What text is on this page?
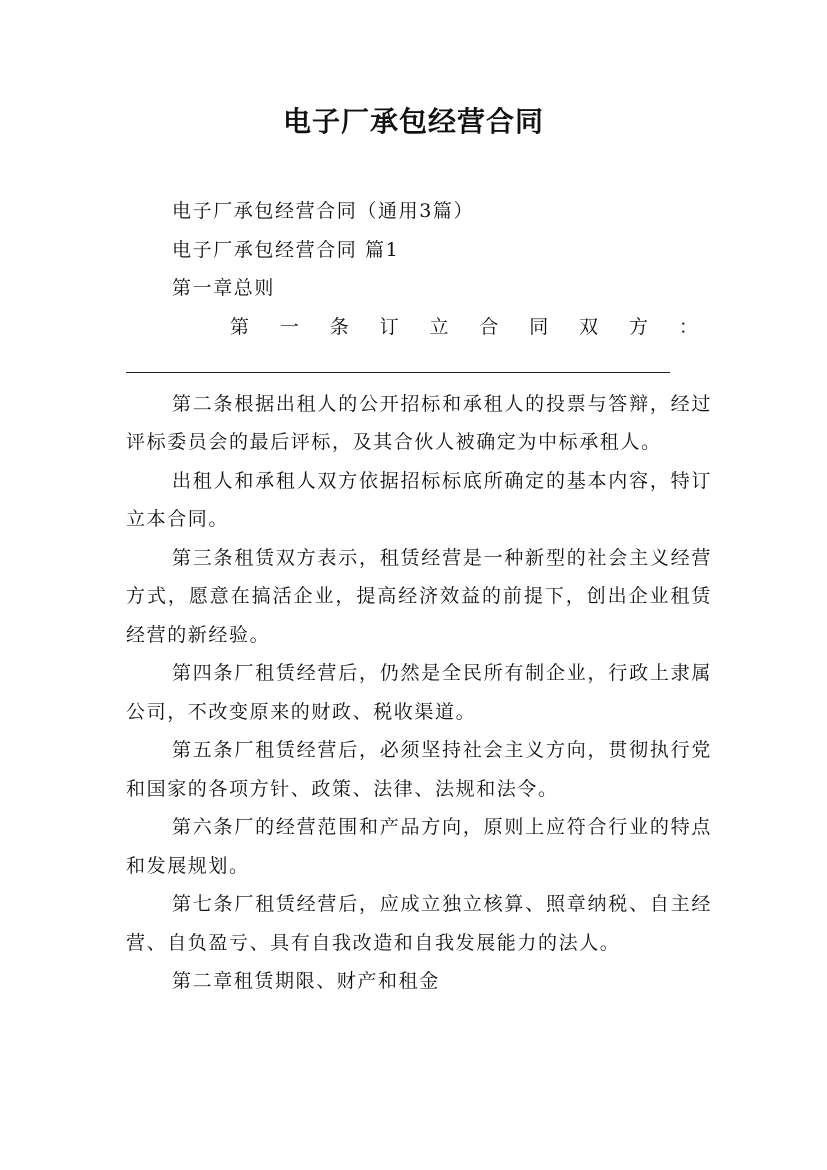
电子厂承包经营合同

电子厂承包经营合同（通用3篇）

电子厂承包经营合同 篇1

第一章总则

第 一 条 订 立 合 同 双 方 ：

第二条根据出租人的公开招标和承租人的投票与答辩，经过评标委员会的最后评标，及其合伙人被确定为中标承租人。

出租人和承租人双方依据招标标底所确定的基本内容，特订立本合同。

第三条租赁双方表示，租赁经营是一种新型的社会主义经营方式，愿意在搞活企业，提高经济效益的前提下，创出企业租赁经营的新经验。

第四条厂租赁经营后，仍然是全民所有制企业，行政上隶属公司，不改变原来的财政、税收渠道。

第五条厂租赁经营后，必须坚持社会主义方向，贯彻执行党和国家的各项方针、政策、法律、法规和法令。

第六条厂的经营范围和产品方向，原则上应符合行业的特点和发展规划。

第七条厂租赁经营后，应成立独立核算、照章纳税、自主经营、自负盈亏、具有自我改造和自我发展能力的法人。

第二章租赁期限、财产和租金
